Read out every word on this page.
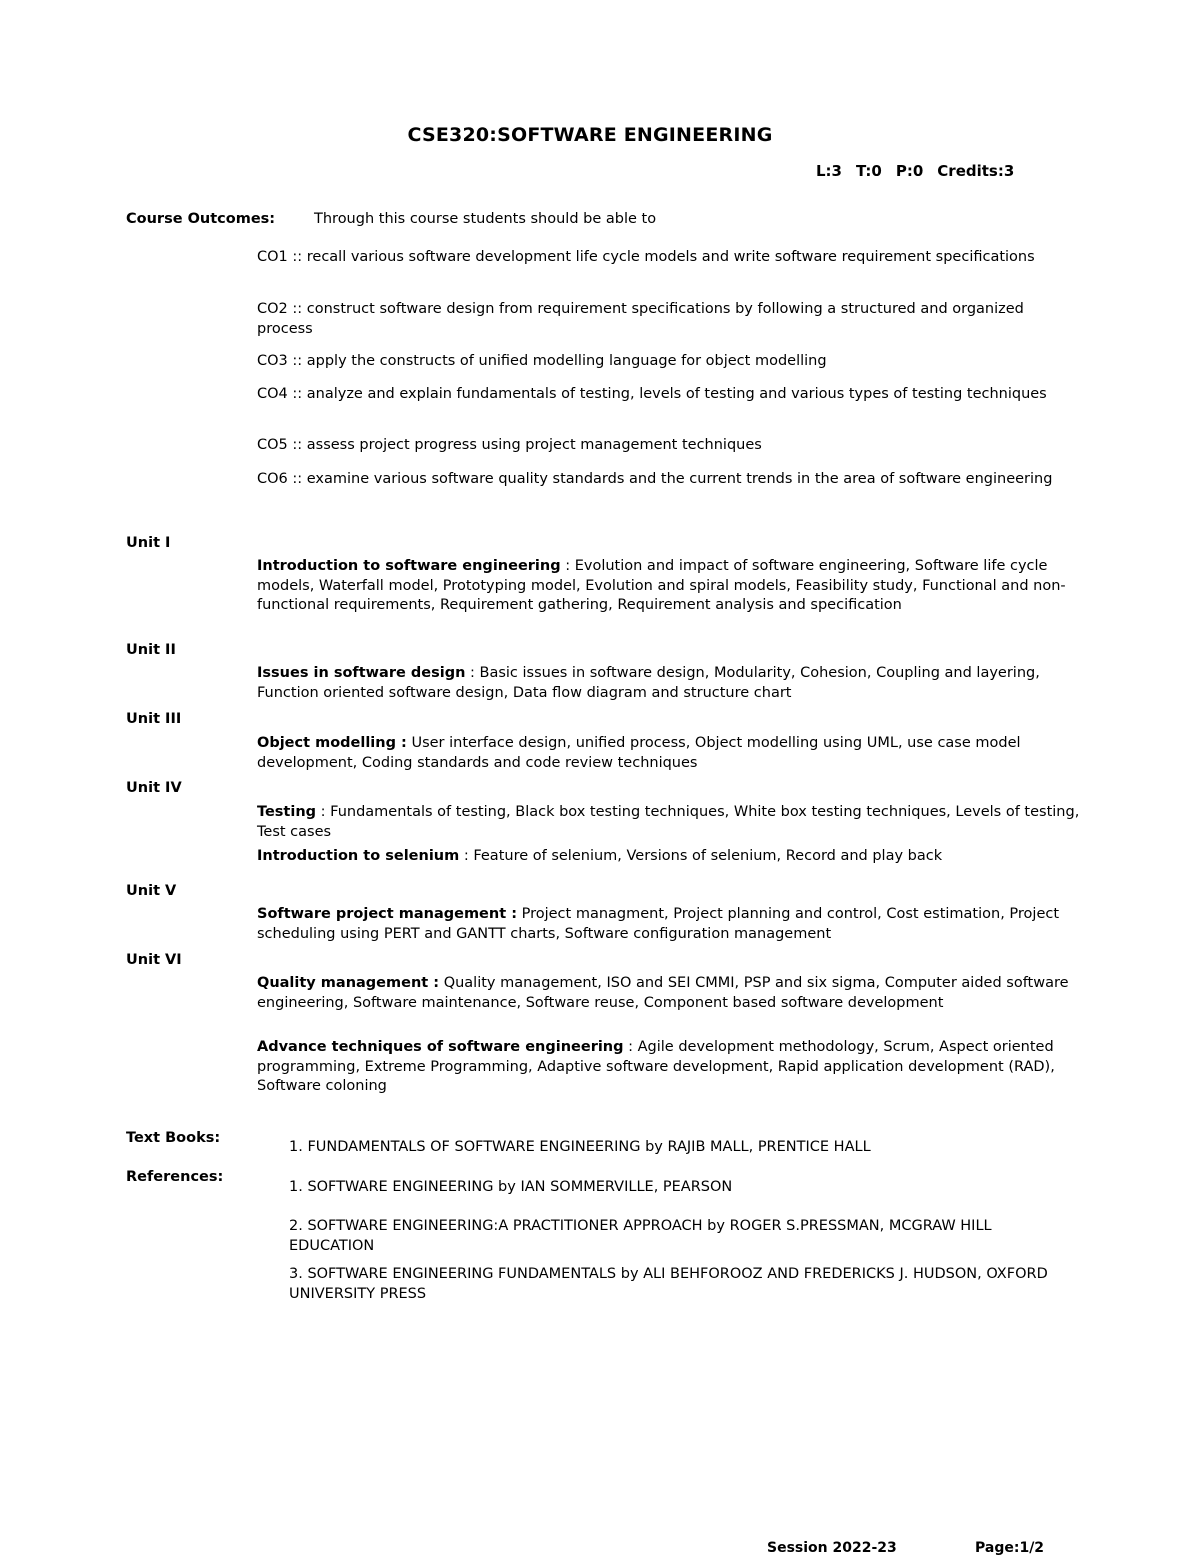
CSE320:SOFTWARE ENGINEERING
L:3 T:0 P:0 Credits:3
Course Outcomes:	Through this course students should be able to
CO1 :: recall various software development life cycle models and write software requirement specifications
CO2 :: construct software design from requirement specifications by following a structured and organized process
CO3 :: apply the constructs of unified modelling language for object modelling
CO4 :: analyze and explain fundamentals of testing, levels of testing and various types of testing techniques
CO5 :: assess project progress using project management techniques
CO6 :: examine various software quality standards and the current trends in the area of software engineering
Unit I
Introduction to software engineering : Evolution and impact of software engineering, Software life cycle models, Waterfall model, Prototyping model, Evolution and spiral models, Feasibility study, Functional and non-functional requirements, Requirement gathering, Requirement analysis and specification
Unit II
Issues in software design : Basic issues in software design, Modularity, Cohesion, Coupling and layering, Function oriented software design, Data flow diagram and structure chart
Unit III
Object modelling : User interface design, unified process, Object modelling using UML, use case model development, Coding standards and code review techniques
Unit IV
Testing : Fundamentals of testing, Black box testing techniques, White box testing techniques, Levels of testing, Test cases
Introduction to selenium : Feature of selenium, Versions of selenium, Record and play back
Unit V
Software project management : Project managment, Project planning and control, Cost estimation, Project scheduling using PERT and GANTT charts, Software configuration management
Unit VI
Quality management : Quality management, ISO and SEI CMMI, PSP and six sigma, Computer aided software engineering, Software maintenance, Software reuse, Component based software development
Advance techniques of software engineering : Agile development methodology, Scrum, Aspect oriented programming, Extreme Programming, Adaptive software development, Rapid application development (RAD), Software coloning
Text Books:
1. FUNDAMENTALS OF SOFTWARE ENGINEERING by RAJIB MALL, PRENTICE HALL
References:
1. SOFTWARE ENGINEERING by IAN SOMMERVILLE, PEARSON
2. SOFTWARE ENGINEERING:A PRACTITIONER APPROACH by ROGER S.PRESSMAN, MCGRAW HILL EDUCATION
3. SOFTWARE ENGINEERING FUNDAMENTALS by ALI BEHFOROOZ AND FREDERICKS J. HUDSON, OXFORD UNIVERSITY PRESS
Session 2022-23	Page:1/2
